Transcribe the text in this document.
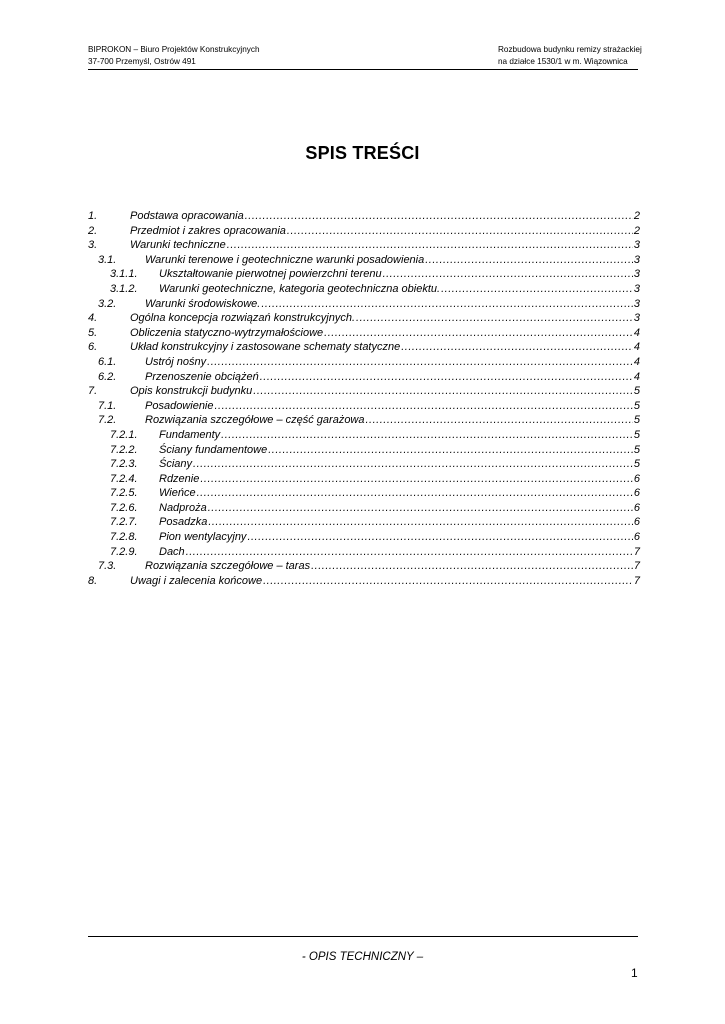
BIPROKON – Biuro Projektów Konstrukcyjnych
37-700 Przemyśl, Ostrów 491
Rozbudowa budynku remizy strażackiej
na działce 1530/1 w m. Wiązownica
SPIS TREŚCI
1.	Podstawa opracowania .....	2
2.	Przedmiot i zakres opracowania .....	2
3.	Warunki techniczne .....	3
3.1.	Warunki terenowe i geotechniczne warunki posadowienia .....	3
3.1.1. Ukształtowanie pierwotnej powierzchni terenu .....	3
3.1.2. Warunki geotechniczne, kategoria geotechniczna obiektu. .....	3
3.2.	Warunki środowiskowe. .....	3
4.	Ogólna koncepcja rozwiązań konstrukcyjnych. .....	3
5.	Obliczenia statyczno-wytrzymałościowe .....	4
6.	Układ konstrukcyjny i zastosowane schematy statyczne .....	4
6.1.	Ustrój nośny .....	4
6.2.	Przenoszenie obciążeń .....	4
7.	Opis konstrukcji budynku .....	5
7.1.	Posadowienie .....	5
7.2.	Rozwiązania szczegółowe – część garażowa .....	5
7.2.1. Fundamenty .....	5
7.2.2. Ściany fundamentowe .....	5
7.2.3. Ściany .....	5
7.2.4. Rdzenie .....	6
7.2.5. Wieńce .....	6
7.2.6. Nadproża .....	6
7.2.7. Posadzka .....	6
7.2.8. Pion wentylacyjny .....	6
7.2.9. Dach .....	7
7.3.	Rozwiązania szczegółowe – taras .....	7
8.	Uwagi i zalecenia końcowe .....	7
- OPIS TECHNICZNY –
1
